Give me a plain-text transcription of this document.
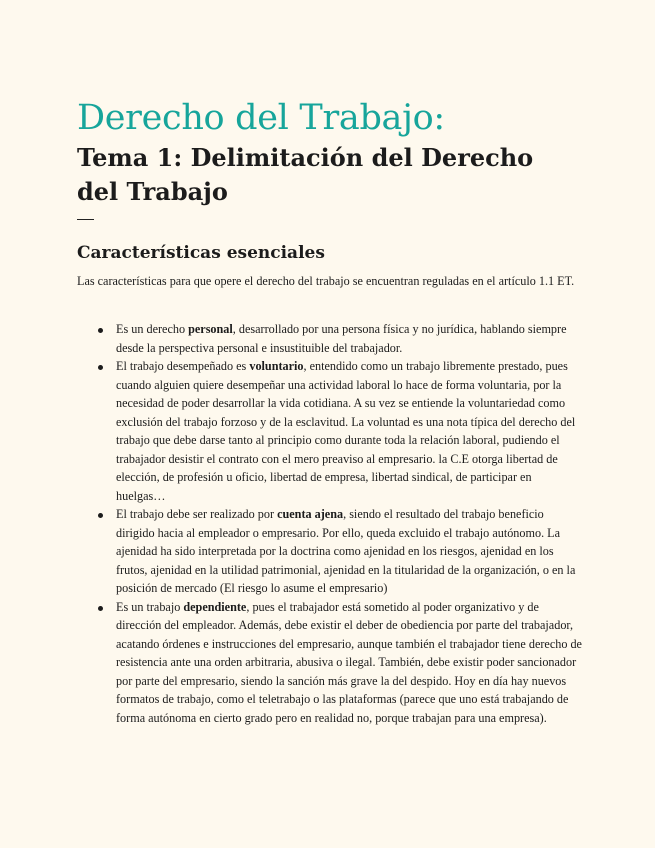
Derecho del Trabajo:
Tema 1: Delimitación del Derecho del Trabajo
Características esenciales

Las características para que opere el derecho del trabajo se encuentran reguladas en el artículo 1.1 ET.

Es un derecho personal, desarrollado por una persona física y no jurídica, hablando siempre desde la perspectiva personal e insustituible del trabajador.
El trabajo desempeñado es voluntario, entendido como un trabajo libremente prestado, pues cuando alguien quiere desempeñar una actividad laboral lo hace de forma voluntaria, por la necesidad de poder desarrollar la vida cotidiana. A su vez se entiende la voluntariedad como exclusión del trabajo forzoso y de la esclavitud. La voluntad es una nota típica del derecho del trabajo que debe darse tanto al principio como durante toda la relación laboral, pudiendo el trabajador desistir el contrato con el mero preaviso al empresario. la C.E otorga libertad de elección, de profesión u oficio, libertad de empresa, libertad sindical, de participar en huelgas…
El trabajo debe ser realizado por cuenta ajena, siendo el resultado del trabajo beneficio dirigido hacia al empleador o empresario. Por ello, queda excluido el trabajo autónomo. La ajenidad ha sido interpretada por la doctrina como ajenidad en los riesgos, ajenidad en los frutos, ajenidad en la utilidad patrimonial, ajenidad en la titularidad de la organización, o en la posición de mercado (El riesgo lo asume el empresario)
Es un trabajo dependiente, pues el trabajador está sometido al poder organizativo y de dirección del empleador. Además, debe existir el deber de obediencia por parte del trabajador, acatando órdenes e instrucciones del empresario, aunque también el trabajador tiene derecho de resistencia ante una orden arbitraria, abusiva o ilegal. También, debe existir poder sancionador por parte del empresario, siendo la sanción más grave la del despido. Hoy en día hay nuevos formatos de trabajo, como el teletrabajo o las plataformas (parece que uno está trabajando de forma autónoma en cierto grado pero en realidad no, porque trabajan para una empresa).
